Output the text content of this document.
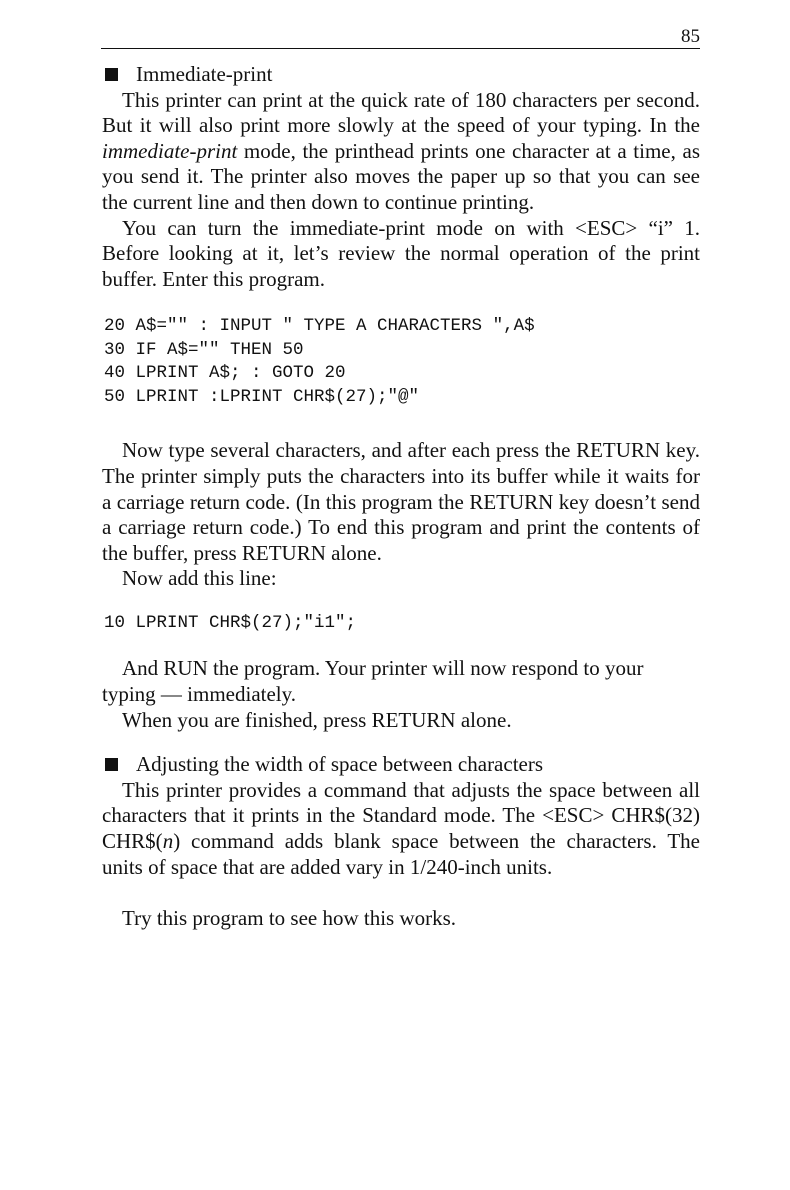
85

Immediate-print

This printer can print at the quick rate of 180 characters per second. But it will also print more slowly at the speed of your typing. In the immediate-print mode, the printhead prints one character at a time, as you send it. The printer also moves the paper up so that you can see the current line and then down to continue printing.

You can turn the immediate-print mode on with <ESC> “i” 1. Before looking at it, let’s review the normal operation of the print buffer. Enter this program.

20 A$="" : INPUT " TYPE A CHARACTERS ",A$
30 IF A$="" THEN 50
40 LPRINT A$; : GOTO 20
50 LPRINT :LPRINT CHR$(27);"@"

Now type several characters, and after each press the RETURN key. The printer simply puts the characters into its buffer while it waits for a carriage return code. (In this program the RETURN key doesn’t send a carriage return code.) To end this program and print the contents of the buffer, press RETURN alone.

Now add this line:

10 LPRINT CHR$(27);"i1";

And RUN the program. Your printer will now respond to your typing — immediately.

When you are finished, press RETURN alone.

Adjusting the width of space between characters

This printer provides a command that adjusts the space between all characters that it prints in the Standard mode. The <ESC> CHR$(32) CHR$(n) command adds blank space between the characters. The units of space that are added vary in 1/240-inch units.

Try this program to see how this works.
